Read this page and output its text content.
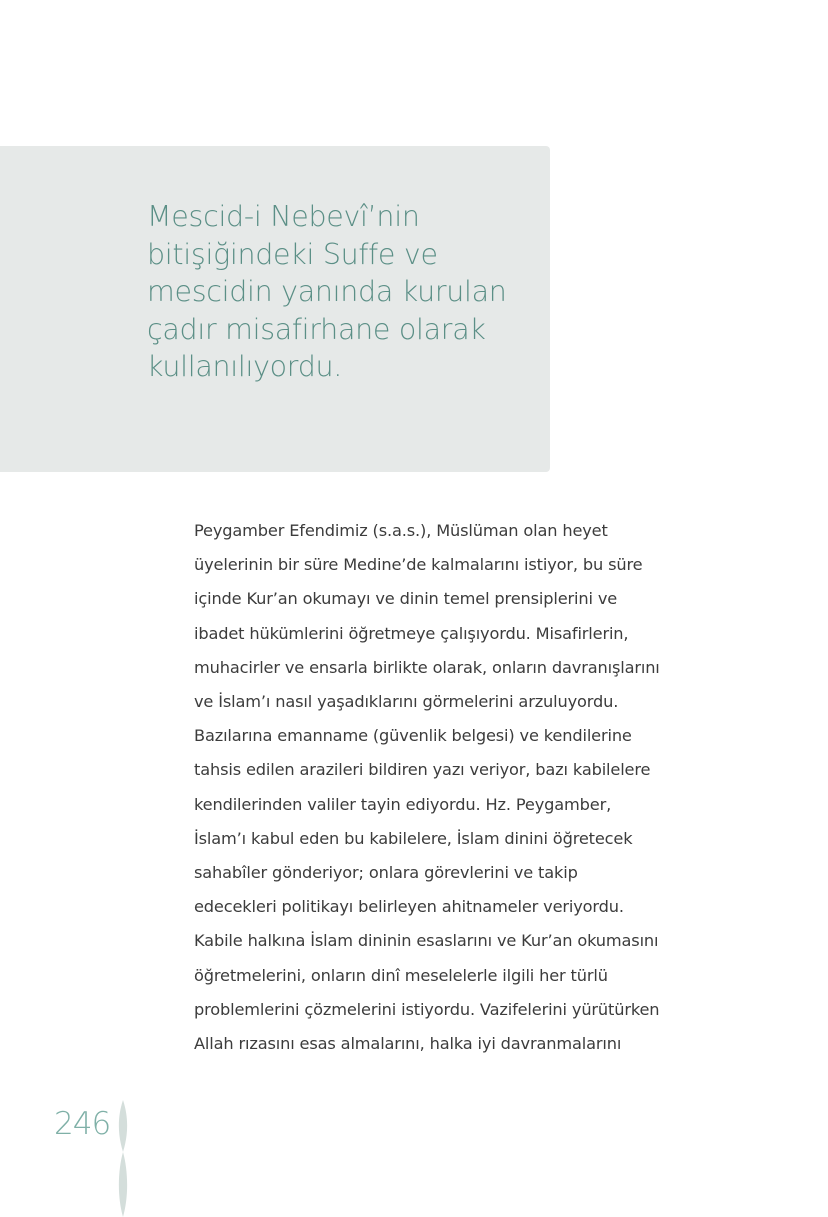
Mescid-i Nebevî’nin
bitişiğindeki Suffe ve
mescidin yanında kurulan
çadır misafirhane olarak
kullanılıyordu.

Peygamber Efendimiz (s.a.s.), Müslüman olan heyet
üyelerinin bir süre Medine’de kalmalarını istiyor, bu süre
içinde Kur’an okumayı ve dinin temel prensiplerini ve
ibadet hükümlerini öğretmeye çalışıyordu. Misafirlerin,
muhacirler ve ensarla birlikte olarak, onların davranışlarını
ve İslam’ı nasıl yaşadıklarını görmelerini arzuluyordu.
Bazılarına emanname (güvenlik belgesi) ve kendilerine
tahsis edilen arazileri bildiren yazı veriyor, bazı kabilelere
kendilerinden valiler tayin ediyordu. Hz. Peygamber,
İslam’ı kabul eden bu kabilelere, İslam dinini öğretecek
sahabîler gönderiyor; onlara görevlerini ve takip
edecekleri politikayı belirleyen ahitnameler veriyordu.
Kabile halkına İslam dininin esaslarını ve Kur’an okumasını
öğretmelerini, onların dinî meselelerle ilgili her türlü
problemlerini çözmelerini istiyordu. Vazifelerini yürütürken
Allah rızasını esas almalarını, halka iyi davranmalarını

246
